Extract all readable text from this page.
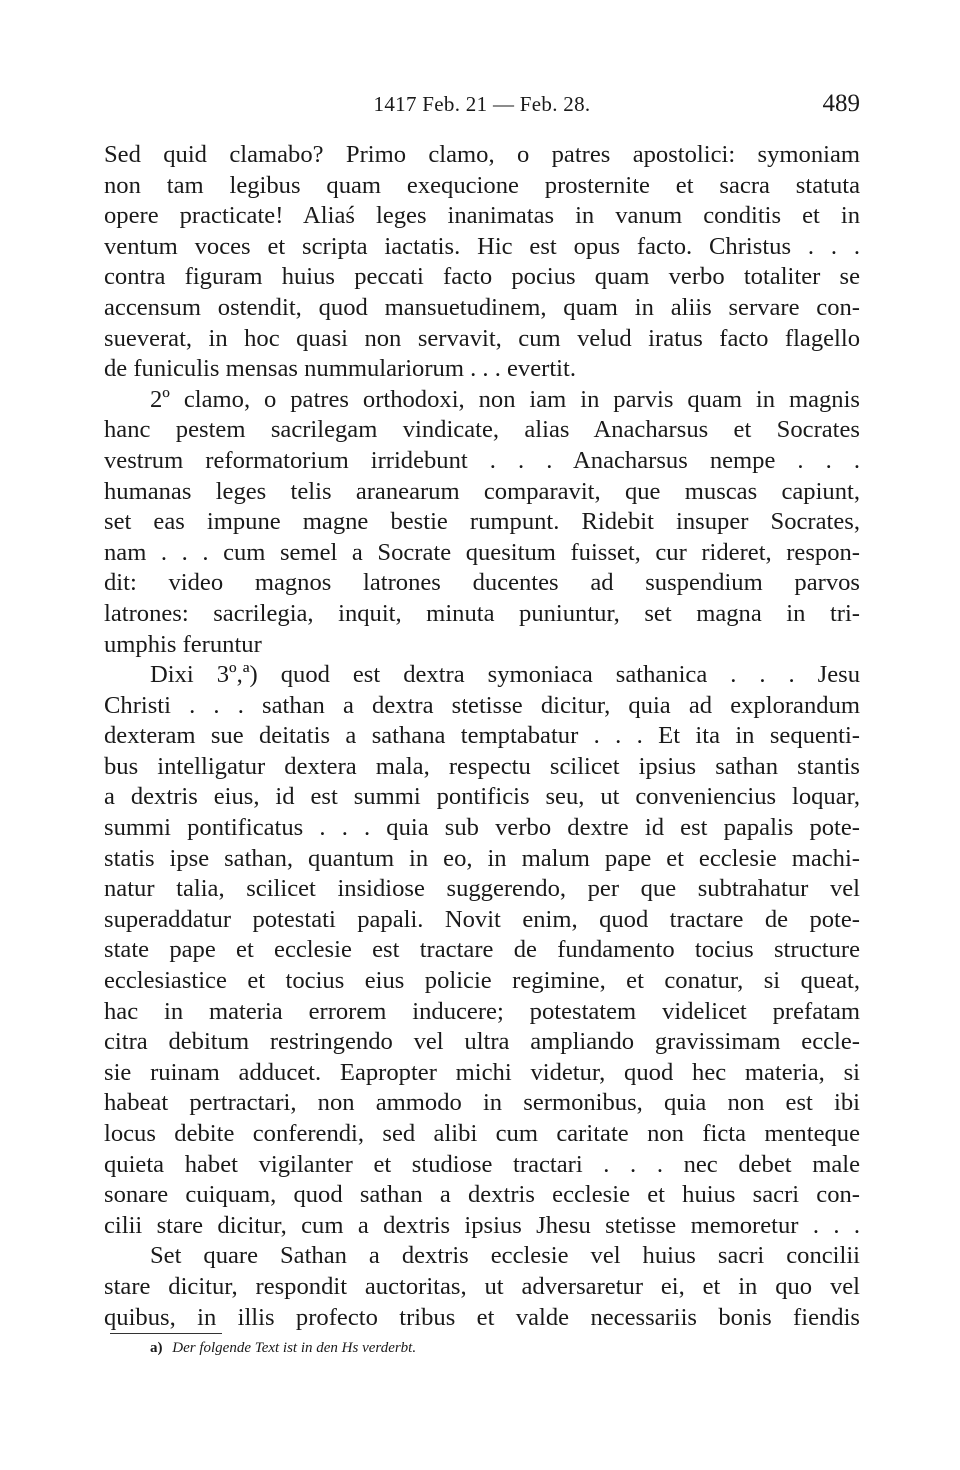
1417 Feb. 21 — Feb. 28.	489
Sed quid clamabo? Primo clamo, o patres apostolici: symoniam
non tam legibus quam exequcione prosternite et sacra statuta
opere practicate! Aliaś leges inanimatas in vanum conditis et in
ventum voces et scripta iactatis. Hic est opus facto. Christus . . .
contra figuram huius peccati facto pocius quam verbo totaliter se
accensum ostendit, quod mansuetudinem, quam in aliis servare con-
sueverat, in hoc quasi non servavit, cum velud iratus facto flagello
de funiculis mensas nummulariorum . . . evertit.
2º clamo, o patres orthodoxi, non iam in parvis quam in magnis
hanc pestem sacrilegam vindicate, alias Anacharsus et Socrates
vestrum reformatorium irridebunt . . . Anacharsus nempe . . .
humanas leges telis aranearum comparavit, que muscas capiunt,
set eas impune magne bestie rumpunt. Ridebit insuper Socrates,
nam . . . cum semel a Socrate quesitum fuisset, cur rideret, respon-
dit: video magnos latrones ducentes ad suspendium parvos
latrones: sacrilegia, inquit, minuta puniuntur, set magna in tri-
umphis feruntur
Dixi 3º,ª) quod est dextra symoniaca sathanica . . . Jesu
Christi . . . sathan a dextra stetisse dicitur, quia ad explorandum
dexteram sue deitatis a sathana temptabatur . . . Et ita in sequenti-
bus intelligatur dextera mala, respectu scilicet ipsius sathan stantis
a dextris eius, id est summi pontificis seu, ut conveniencius loquar,
summi pontificatus . . . quia sub verbo dextre id est papalis pote-
statis ipse sathan, quantum in eo, in malum pape et ecclesie machi-
natur talia, scilicet insidiose suggerendo, per que subtrahatur vel
superaddatur potestati papali. Novit enim, quod tractare de pote-
state pape et ecclesie est tractare de fundamento tocius structure
ecclesiastice et tocius eius policie regimine, et conatur, si queat,
hac in materia errorem inducere; potestatem videlicet prefatam
citra debitum restringendo vel ultra ampliando gravissimam eccle-
sie ruinam adducet. Eapropter michi videtur, quod hec materia, si
habeat pertractari, non ammodo in sermonibus, quia non est ibi
locus debite conferendi, sed alibi cum caritate non ficta menteque
quieta habet vigilanter et studiose tractari . . . nec debet male
sonare cuiquam, quod sathan a dextris ecclesie et huius sacri con-
cilii stare dicitur, cum a dextris ipsius Jhesu stetisse memoretur . . .
Set quare Sathan a dextris ecclesie vel huius sacri concilii
stare dicitur, respondit auctoritas, ut adversaretur ei, et in quo vel
quibus, in illis profecto tribus et valde necessariis bonis fiendis
a) Der folgende Text ist in den Hs verderbt.
